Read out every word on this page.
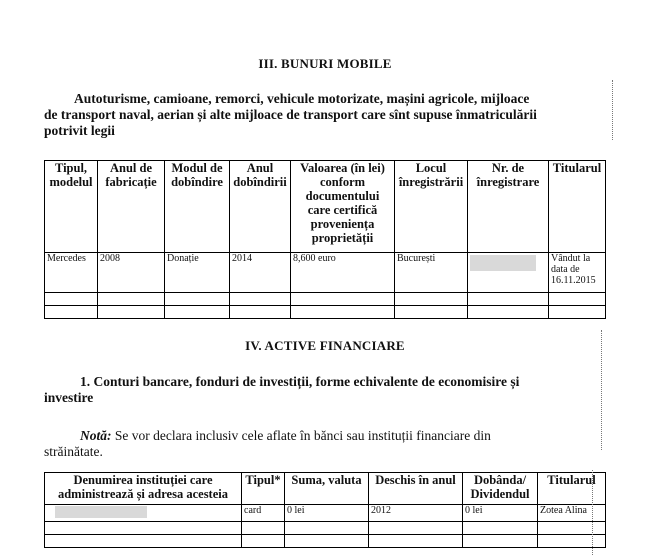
III. BUNURI MOBILE
Autoturisme, camioane, remorci, vehicule motorizate, mașini agricole, mijloace
de transport naval, aerian și alte mijloace de transport care sînt supuse înmatriculării
potrivit legii
Tipul, modelul	Anul de fabricație	Modul de dobîndire	Anul dobîndirii	Valoarea (în lei) conform documentului care certifică proveniența proprietății	Locul înregistrării	Nr. de înregistrare	Titularul
Mercedes	2008	Donație	2014	8,600 euro	București		Vândut la data de 16.11.2015

IV. ACTIVE FINANCIARE
1. Conturi bancare, fonduri de investiții, forme echivalente de economisire și
investire
Notă: Se vor declara inclusiv cele aflate în bănci sau instituții financiare din
străinătate.
Denumirea instituției care administrează și adresa acesteia	Tipul*	Suma, valuta	Deschis în anul	Dobânda/ Dividendul	Titularul
	card	0 lei	2012	0 lei	Zotea Alina
